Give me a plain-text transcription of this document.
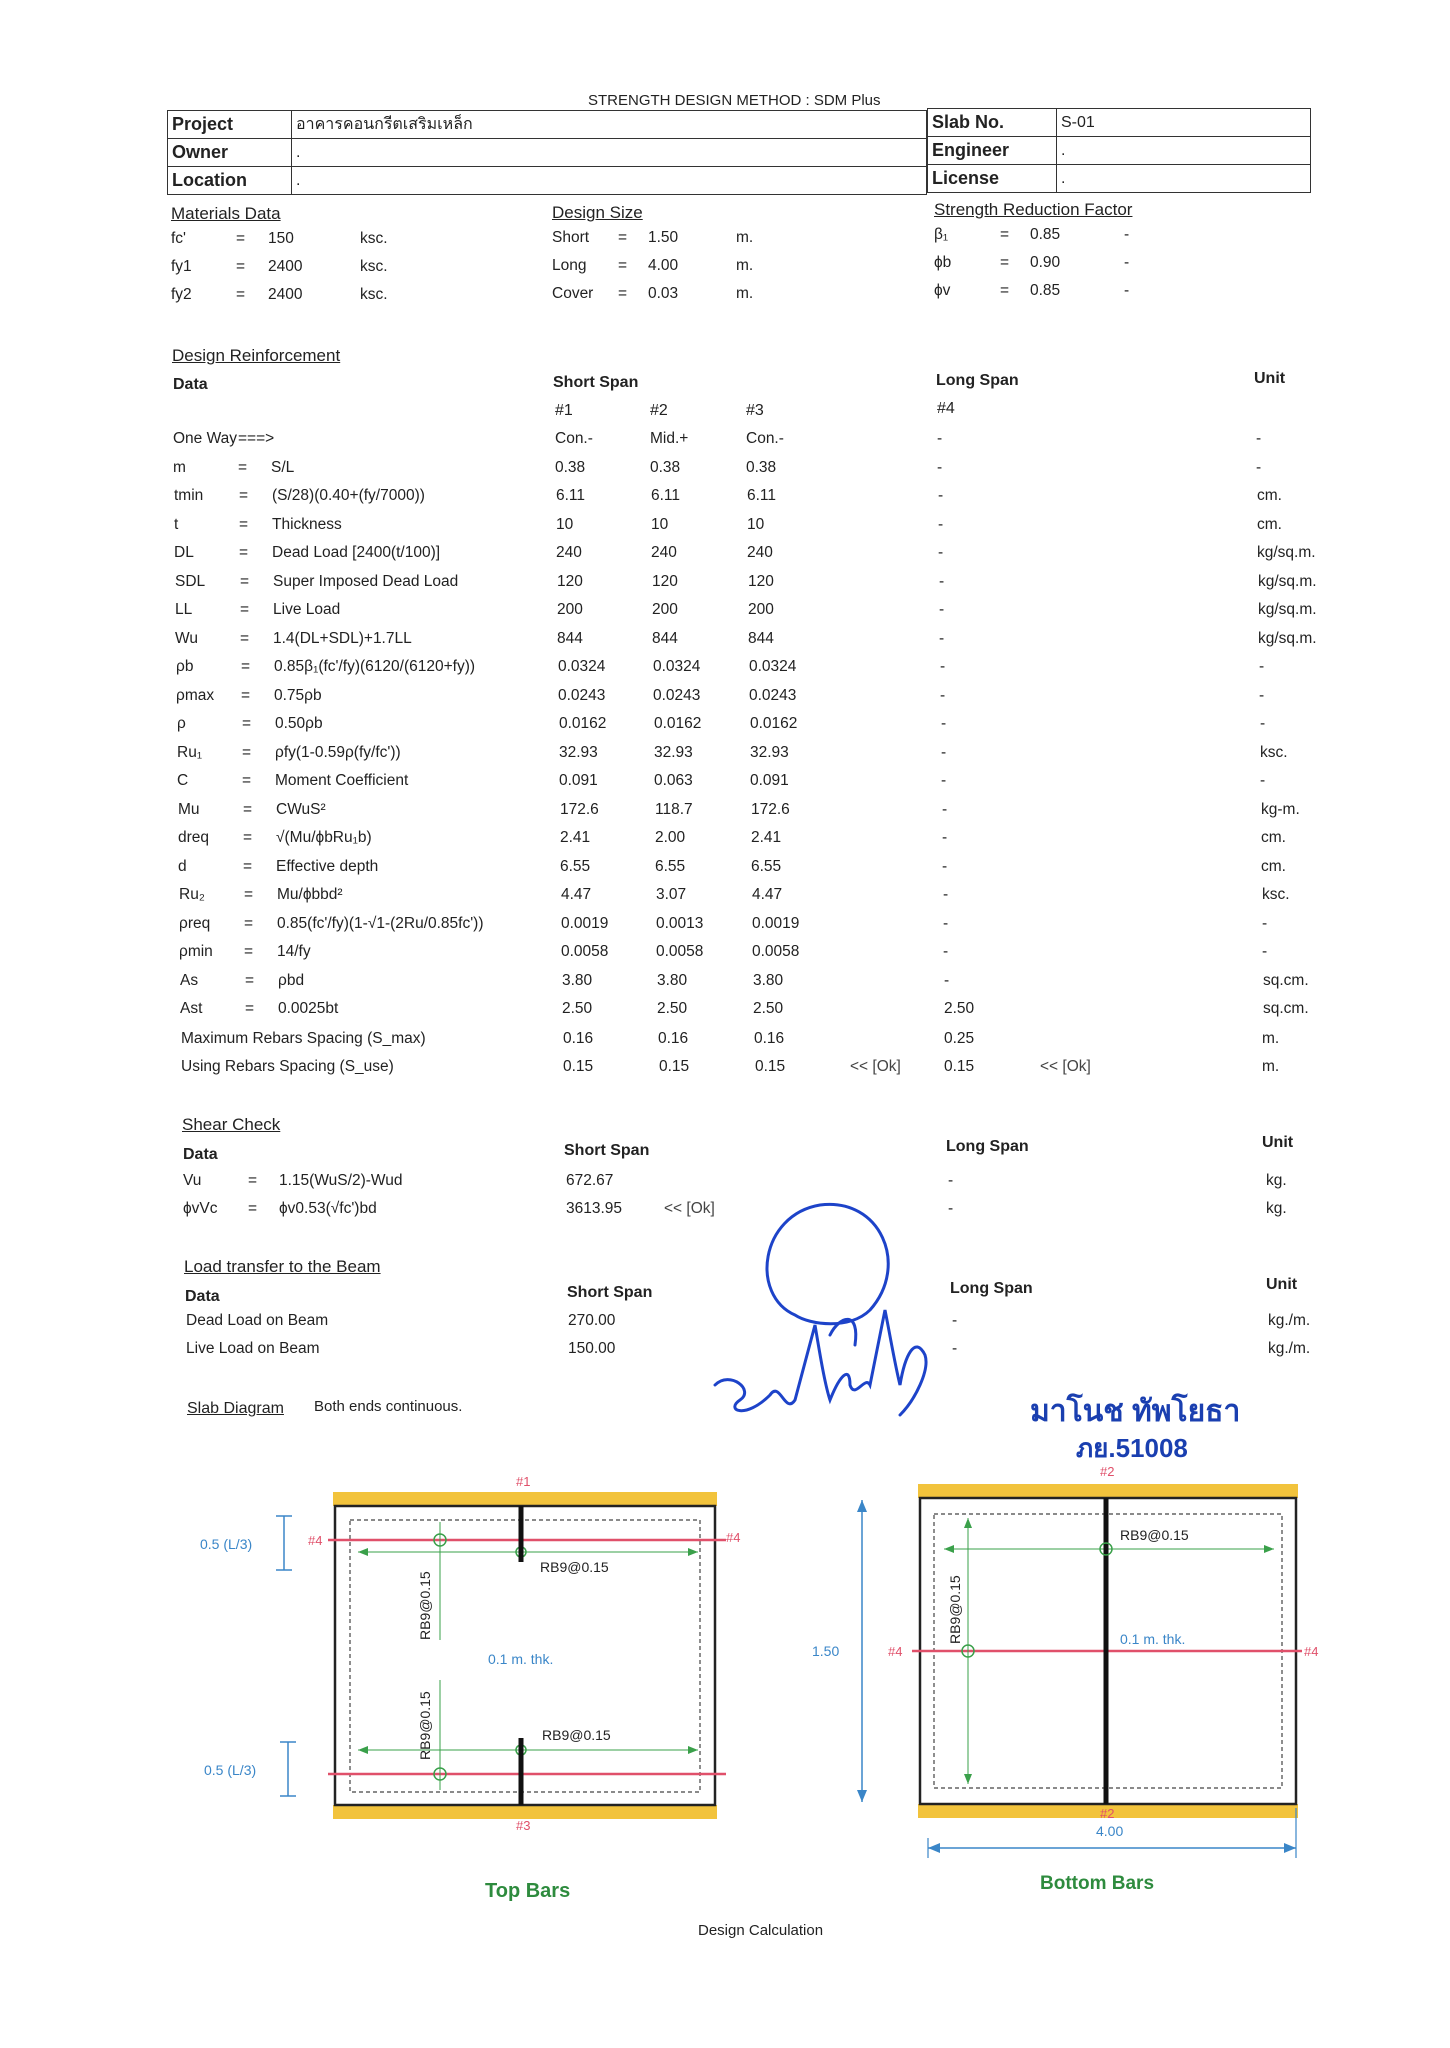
STRENGTH DESIGN METHOD : SDM Plus
Project	อาคารคอนกรีตเสริมเหล็ก
Owner	.
Location	.
Slab No.	S-01
Engineer	.
License	.
Materials Data	Design Size	Strength Reduction Factor
fc'	= 150	ksc.	Short = 1.50	m.	β₁	= 0.85	-
fy1	= 2400	ksc.	Long = 4.00	m.	ϕb	= 0.90	-
fy2	= 2400	ksc.	Cover = 0.03	m.	ϕv	= 0.85	-
Design Reinforcement
Data	Short Span	Long Span	Unit
#1	#2	#3	#4
One Way ===>	Con.-	Mid.+	Con.-	-	-
m	= S/L	0.38	0.38	0.38	-	-
tmin = (S/28)(0.40+(fy/7000))	6.11	6.11	6.11	-	cm.
t	= Thickness	10	10	10	-	cm.
DL	= Dead Load [2400(t/100)]	240	240	240	-	kg/sq.m.
SDL = Super Imposed Dead Load	120	120	120	-	kg/sq.m.
LL	= Live Load	200	200	200	-	kg/sq.m.
Wu	= 1.4(DL+SDL)+1.7LL	844	844	844	-	kg/sq.m.
ρb	= 0.85β₁(fc'/fy)(6120/(6120+fy))	0.0324	0.0324	0.0324	-	-
ρmax = 0.75ρb	0.0243	0.0243	0.0243	-	-
ρ	= 0.50ρb	0.0162	0.0162	0.0162	-	-
Ru₁	= ρfy(1-0.59ρ(fy/fc'))	32.93	32.93	32.93	-	ksc.
C	= Moment Coefficient	0.091	0.063	0.091	-	-
Mu	= CWuS²	172.6	118.7	172.6	-	kg-m.
dreq = √(Mu/ϕbRu₁b)	2.41	2.00	2.41	-	cm.
d	= Effective depth	6.55	6.55	6.55	-	cm.
Ru₂	= Mu/ϕbbd²	4.47	3.07	4.47	-	ksc.
ρreq = 0.85(fc'/fy)(1-√1-(2Ru/0.85fc'))	0.0019	0.0013	0.0019	-	-
ρmin = 14/fy	0.0058	0.0058	0.0058	-	-
As	= ρbd	3.80	3.80	3.80	-	sq.cm.
Ast	= 0.0025bt	2.50	2.50	2.50	2.50	sq.cm.
Maximum Rebars Spacing (S_max)	0.16	0.16	0.16	0.25	m.
Using Rebars Spacing (S_use)	0.15	0.15	0.15	<< [Ok]	0.15	<< [Ok]	m.
Shear Check
Data	Short Span	Long Span	Unit
Vu	= 1.15(WuS/2)-Wud	672.67	-	kg.
ϕvVc = ϕv0.53(√fc')bd	3613.95	<< [Ok]	-	kg.
Load transfer to the Beam
Data	Short Span	Long Span	Unit
Dead Load on Beam	270.00	-	kg./m.
Live Load on Beam	150.00	-	kg./m.
Slab Diagram Both ends continuous.	มาโนช ทัพโยธา
ภย.51008
#1
#3
#4	#4
0.5 (L/3)
0.5 (L/3)
0.1 m. thk.
RB9@0.15
RB9@0.15
RB9@0.15
RB9@0.15
Top Bars
#2
#2
#4	#4
1.50
4.00
0.1 m. thk.
RB9@0.15
RB9@0.15
Bottom Bars
Design Calculation
